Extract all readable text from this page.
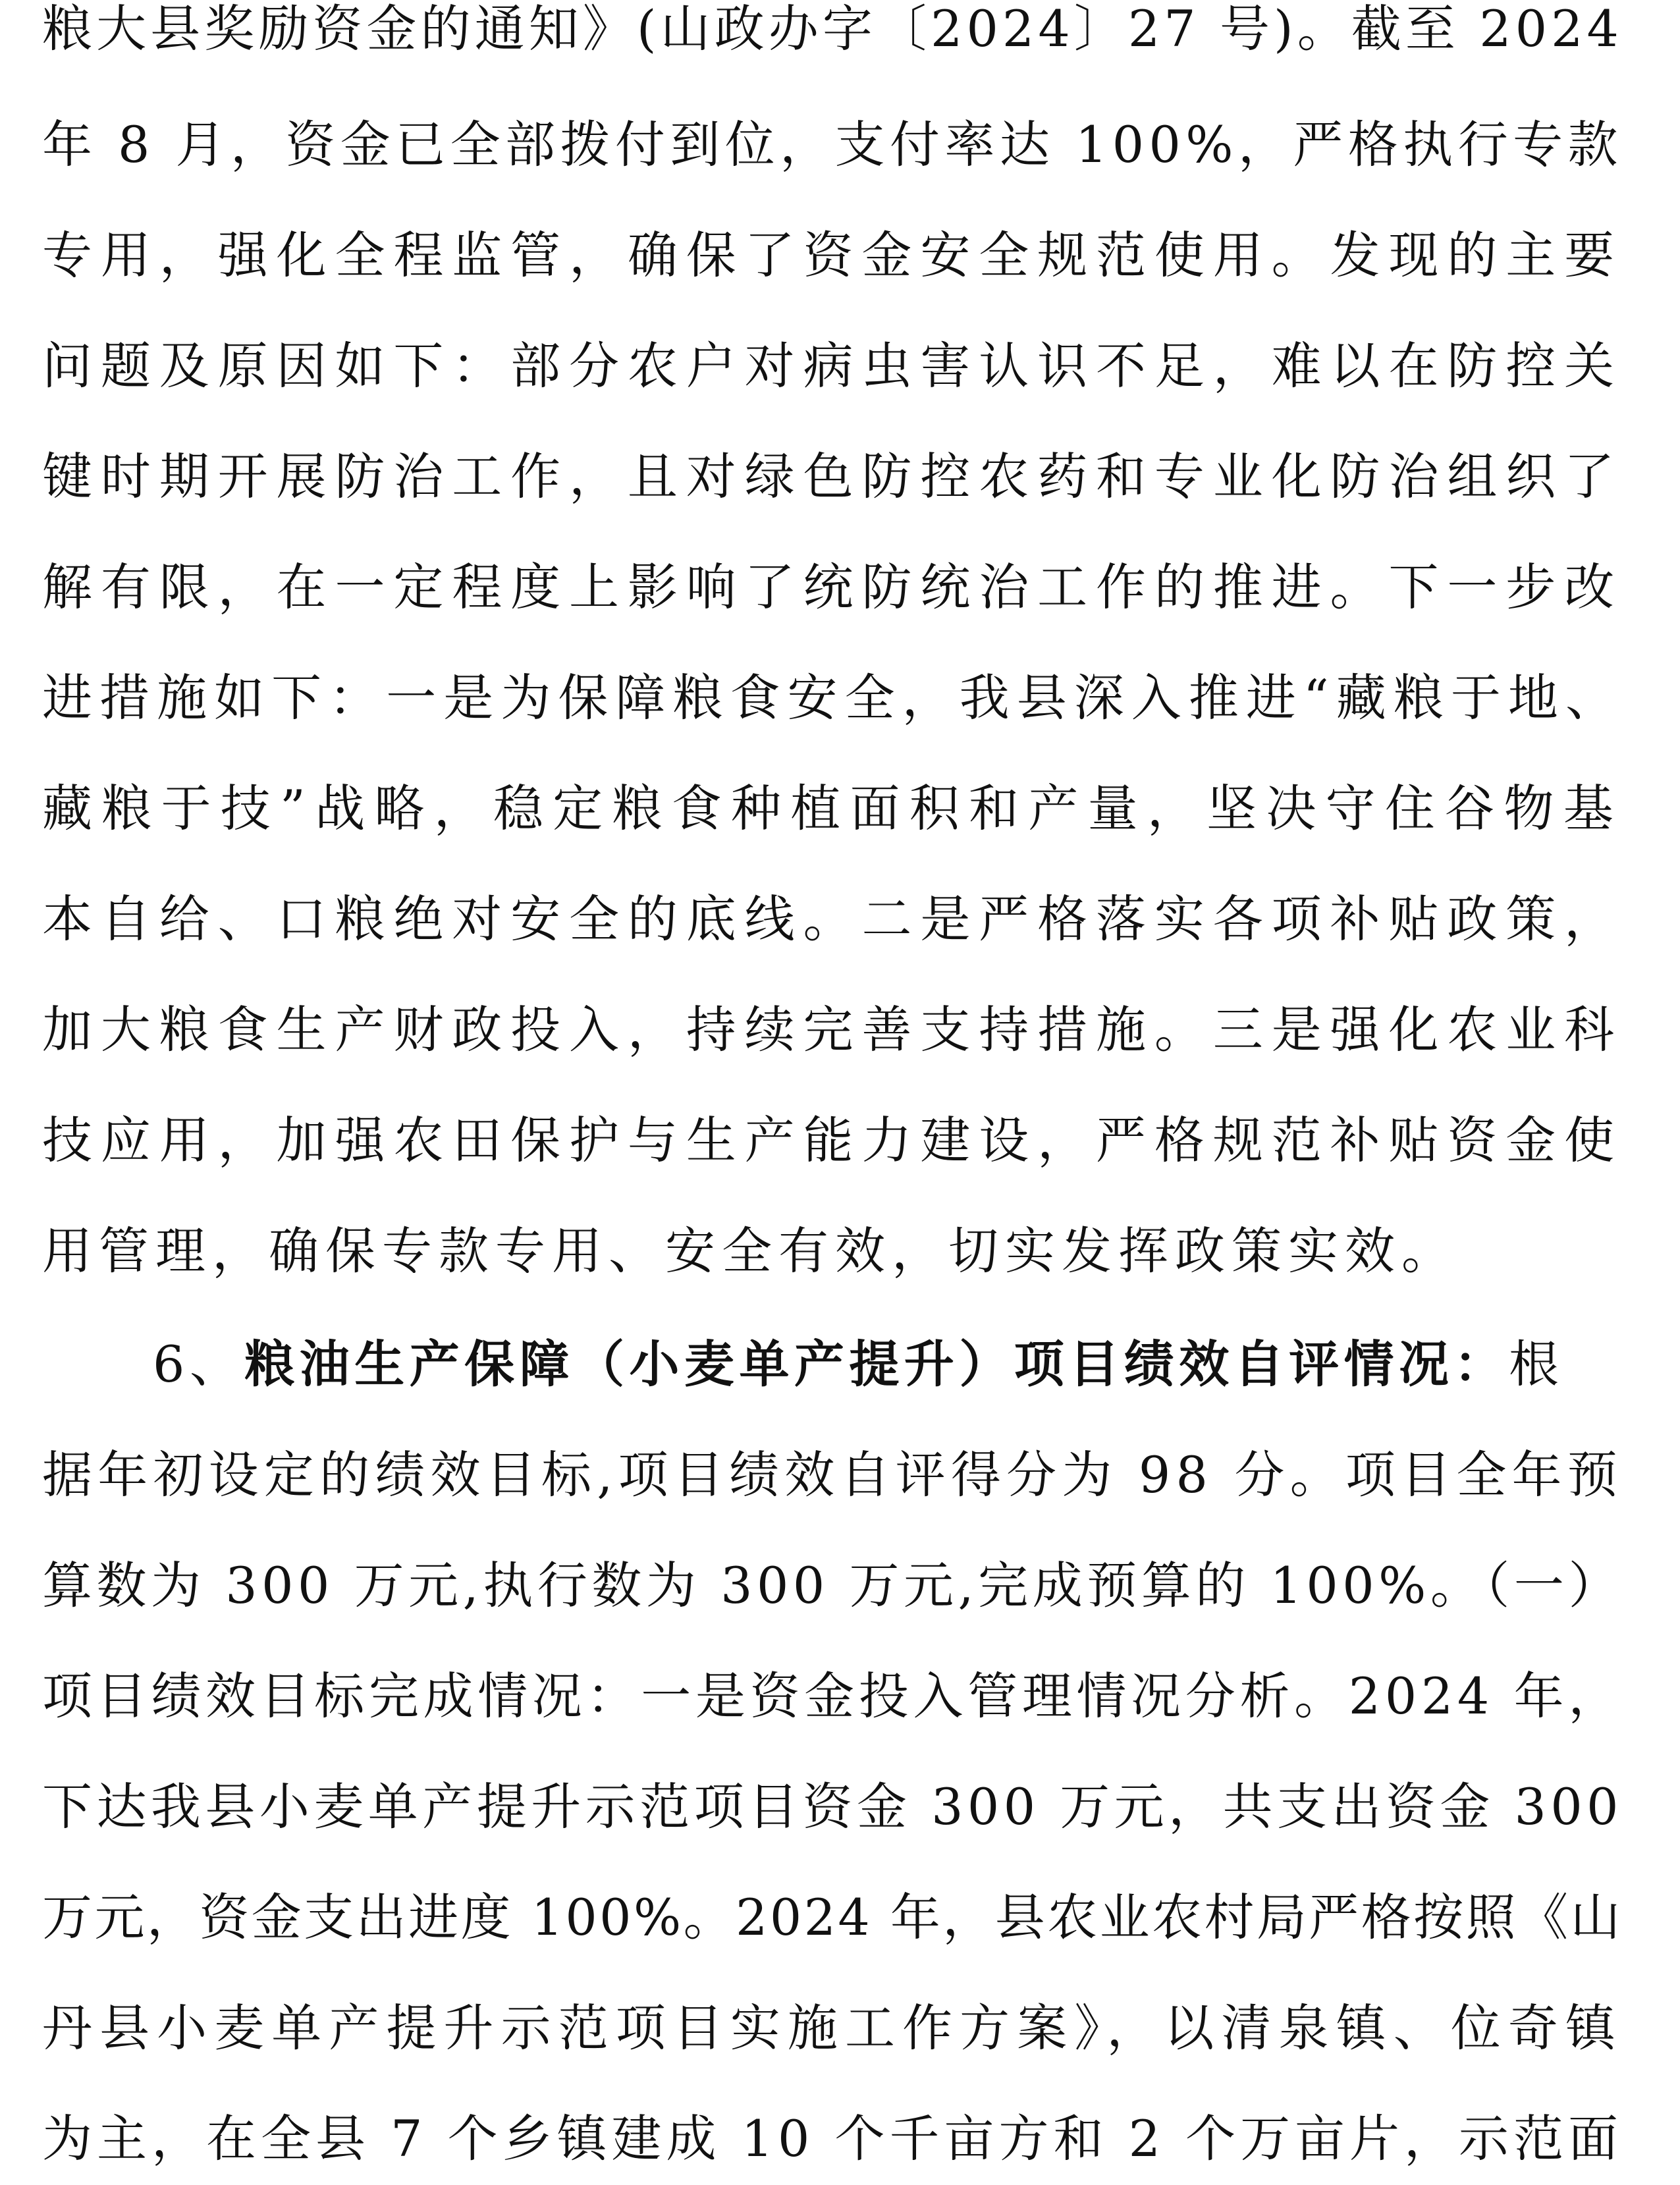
粮大县奖励资金的通知》(山政办字〔2024〕27 号)。截至 2024
年 8 月，资金已全部拨付到位，支付率达 100%，严格执行专款
专用，强化全程监管，确保了资金安全规范使用。发现的主要
问题及原因如下：部分农户对病虫害认识不足，难以在防控关
键时期开展防治工作，且对绿色防控农药和专业化防治组织了
解有限，在一定程度上影响了统防统治工作的推进。下一步改
进措施如下：一是为保障粮食安全，我县深入推进“藏粮于地、
藏粮于技”战略，稳定粮食种植面积和产量，坚决守住谷物基
本自给、口粮绝对安全的底线。二是严格落实各项补贴政策，
加大粮食生产财政投入，持续完善支持措施。三是强化农业科
技应用，加强农田保护与生产能力建设，严格规范补贴资金使
用管理，确保专款专用、安全有效，切实发挥政策实效。
6、粮油生产保障（小麦单产提升）项目绩效自评情况：根
据年初设定的绩效目标,项目绩效自评得分为 98 分。项目全年预
算数为 300 万元,执行数为 300 万元,完成预算的 100%。（一）
项目绩效目标完成情况：一是资金投入管理情况分析。2024 年，
下达我县小麦单产提升示范项目资金 300 万元，共支出资金 300
万元，资金支出进度 100%。2024 年，县农业农村局严格按照《山
丹县小麦单产提升示范项目实施工作方案》，以清泉镇、位奇镇
为主，在全县 7 个乡镇建成 10 个千亩方和 2 个万亩片，示范面
